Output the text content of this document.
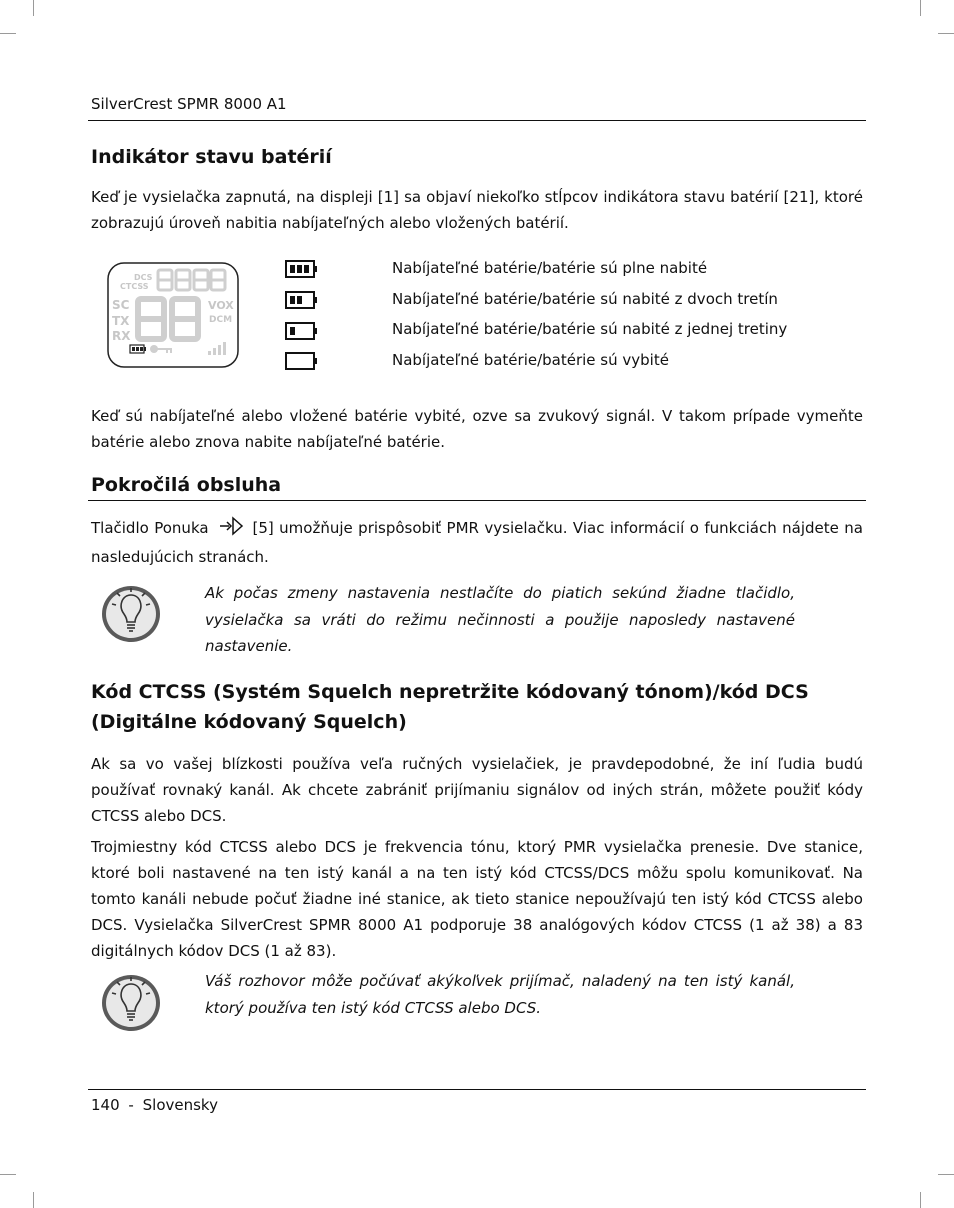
SilverCrest SPMR 8000 A1
Indikátor stavu batérií

Keď je vysielačka zapnutá, na displeji [1] sa objaví niekoľko stĺpcov indikátora stavu batérií [21], ktoré zobrazujú úroveň nabitia nabíjateľných alebo vložených batérií.

DCS
CTCSS
SC
TX
RX
VOX
DCM
Nabíjateľné batérie/batérie sú plne nabité
Nabíjateľné batérie/batérie sú nabité z dvoch tretín
Nabíjateľné batérie/batérie sú nabité z jednej tretiny
Nabíjateľné batérie/batérie sú vybité

Keď sú nabíjateľné alebo vložené batérie vybité, ozve sa zvukový signál. V takom prípade vymeňte batérie alebo znova nabite nabíjateľné batérie.

Pokročilá obsluha

Tlačidlo Ponuka	[5] umožňuje prispôsobiť PMR vysielačku. Viac informácií o funkciách nájdete na nasledujúcich stranách.

Ak počas zmeny nastavenia nestlačíte do piatich sekúnd žiadne tlačidlo, vysielačka sa vráti do režimu nečinnosti a použije naposledy nastavené nastavenie.

Kód CTCSS (Systém Squelch nepretržite kódovaný tónom)/kód DCS
(Digitálne kódovaný Squelch)

Ak sa vo vašej blízkosti používa veľa ručných vysielačiek, je pravdepodobné, že iní ľudia budú používať rovnaký kanál. Ak chcete zabrániť prijímaniu signálov od iných strán, môžete použiť kódy CTCSS alebo DCS.

Trojmiestny kód CTCSS alebo DCS je frekvencia tónu, ktorý PMR vysielačka prenesie. Dve stanice, ktoré boli nastavené na ten istý kanál a na ten istý kód CTCSS/DCS môžu spolu komunikovať. Na tomto kanáli nebude počuť žiadne iné stanice, ak tieto stanice nepoužívajú ten istý kód CTCSS alebo DCS. Vysielačka SilverCrest SPMR 8000 A1 podporuje 38 analógových kódov CTCSS (1 až 38) a 83 digitálnych kódov DCS (1 až 83).

Váš rozhovor môže počúvať akýkoľvek prijímač, naladený na ten istý kanál, ktorý používa ten istý kód CTCSS alebo DCS.

140 - Slovensky
